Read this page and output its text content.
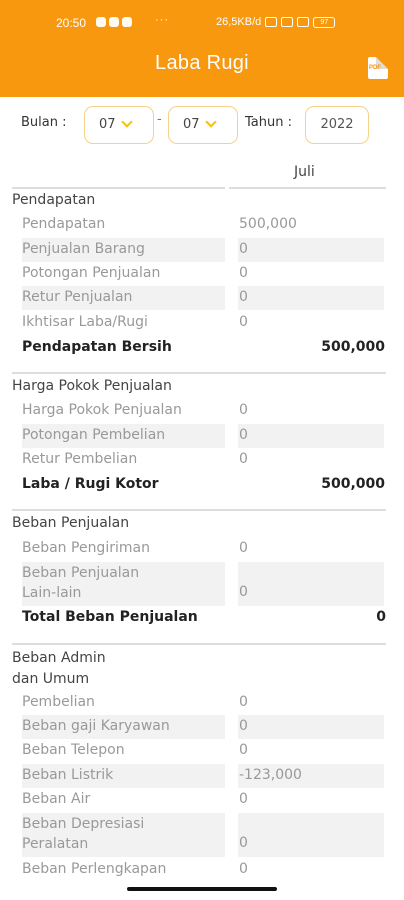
20:50	···	26,5KB/d	97
Laba Rugi	PDF
Bulan :	07	- 07	Tahun :	2022
Juli
Pendapatan
Pendapatan	500,000
Penjualan Barang	0
Potongan Penjualan	0
Retur Penjualan	0
Ikhtisar Laba/Rugi	0
Pendapatan Bersih	500,000
Harga Pokok Penjualan
Harga Pokok Penjualan	0
Potongan Pembelian	0
Retur Pembelian	0
Laba / Rugi Kotor	500,000
Beban Penjualan
Beban Pengiriman	0
Beban Penjualan
Lain-lain	0
Total Beban Penjualan	0
Beban Admin
dan Umum
Pembelian	0
Beban gaji Karyawan	0
Beban Telepon	0
Beban Listrik	-123,000
Beban Air	0
Beban Depresiasi
Peralatan	0
Beban Perlengkapan	0
